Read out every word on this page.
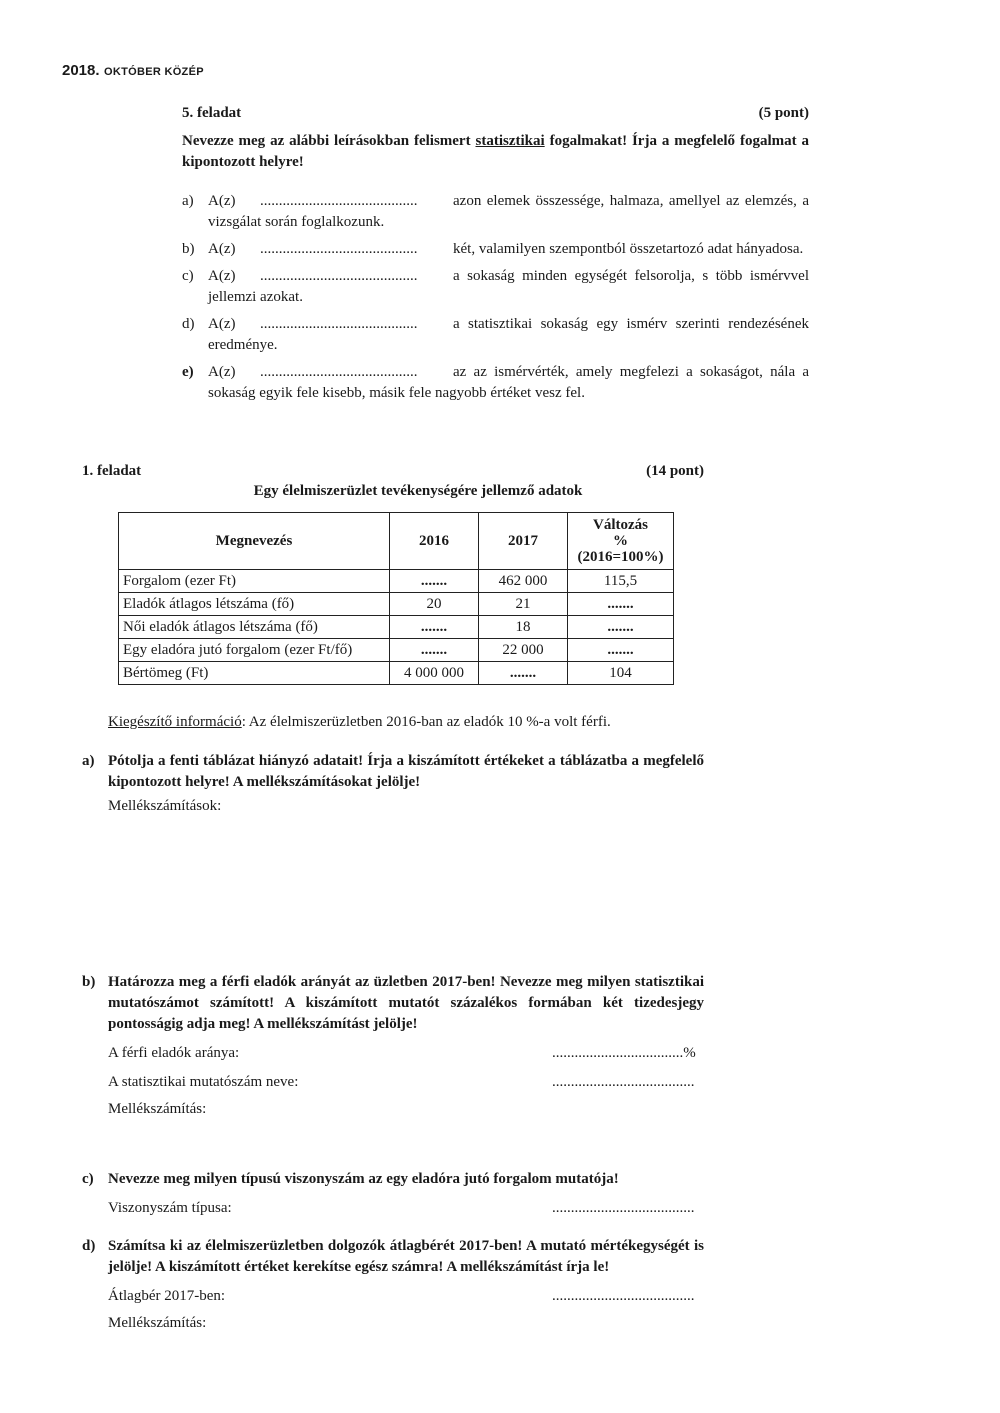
2018. OKTÓBER KÖZÉP
5. feladat	(5 pont)
Nevezze meg az alábbi leírásokban felismert statisztikai fogalmakat! Írja a megfelelő fogalmat a kipontozott helyre!
a) A(z) .......................................... azon elemek összessége, halmaza, amellyel az elemzés, a vizsgálat során foglalkozunk.
b) A(z) .......................................... két, valamilyen szempontból összetartozó adat hányadosa.
c) A(z) .......................................... a sokaság minden egységét felsorolja, s több ismérvvel jellemzi azokat.
d) A(z) .......................................... a statisztikai sokaság egy ismérv szerinti rendezésének eredménye.
e) A(z) .......................................... az az ismérvérték, amely megfelezi a sokaságot, nála a sokaság egyik fele kisebb, másik fele nagyobb értéket vesz fel.
1. feladat	(14 pont)
Egy élelmiszerüzlet tevékenységére jellemző adatok
Megnevezés	2016	2017	Változás
%
(2016=100%)

Forgalom (ezer Ft)	.......	462 000	115,5
Eladók átlagos létszáma (fő)	20	21	.......
Női eladók átlagos létszáma (fő)	.......	18	.......
Egy eladóra jutó forgalom (ezer Ft/fő)	.......	22 000	.......
Bértömeg (Ft)	4 000 000	.......	104
Kiegészítő információ: Az élelmiszerüzletben 2016-ban az eladók 10 %-a volt férfi.
a) Pótolja a fenti táblázat hiányzó adatait! Írja a kiszámított értékeket a táblázatba a megfelelő kipontozott helyre! A mellékszámításokat jelölje!
Mellékszámítások:
b) Határozza meg a férfi eladók arányát az üzletben 2017-ben! Nevezze meg milyen statisztikai mutatószámot számított! A kiszámított mutatót százalékos formában két tizedesjegy pontosságig adja meg! A mellékszámítást jelölje!
A férfi eladók aránya:	...................................%
A statisztikai mutatószám neve:	......................................
Mellékszámítás:
c) Nevezze meg milyen típusú viszonyszám az egy eladóra jutó forgalom mutatója!
Viszonyszám típusa:	......................................
d) Számítsa ki az élelmiszerüzletben dolgozók átlagbérét 2017-ben! A mutató mértékegységét is jelölje! A kiszámított értéket kerekítse egész számra! A mellékszámítást írja le!
Átlagbér 2017-ben:	......................................
Mellékszámítás:
